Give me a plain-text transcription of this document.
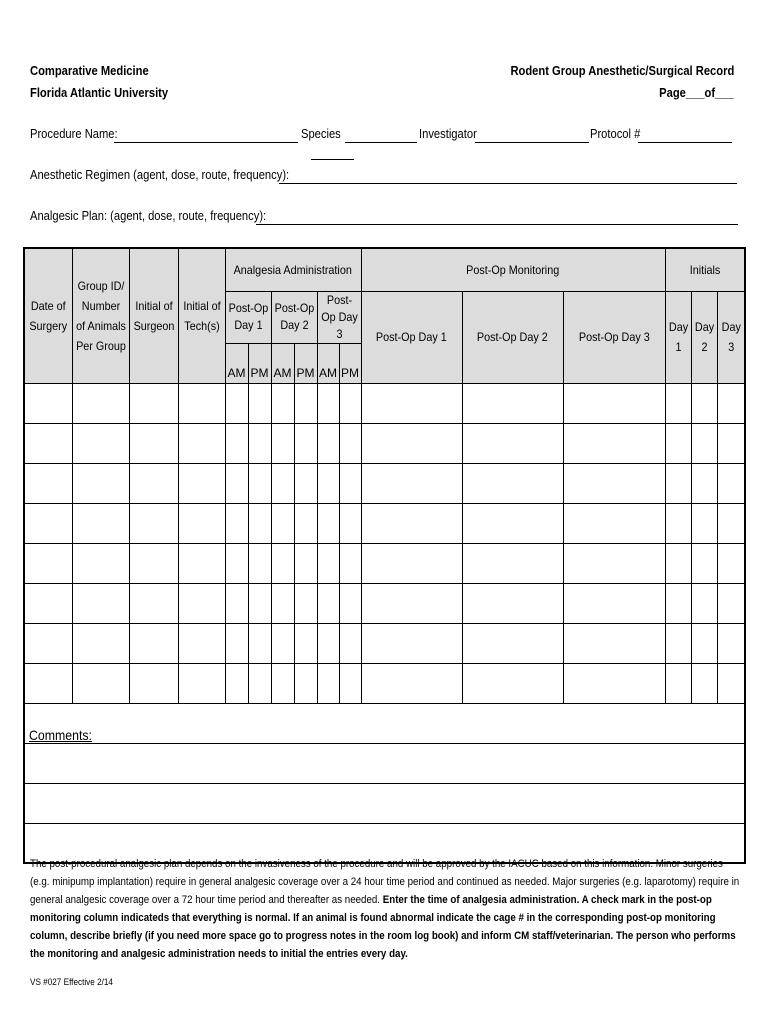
Comparative Medicine
Florida Atlantic University
Rodent Group Anesthetic/Surgical Record
Page___of___
Procedure Name:	Species	Investigator	Protocol #
Anesthetic Regimen (agent, dose, route, frequency):
Analgesic Plan: (agent, dose, route, frequency):
Date of Surgery	Group ID/ Number of Animals Per Group	Initial of Surgeon	Initial of Tech(s)	Analgesia Administration						Post-Op Monitoring			Initials		
				Post-Op Day 1		Post-Op Day 2		Post-Op Day 3		Post-Op Day 1	Post-Op Day 2	Post-Op Day 3	Day 1	Day 2	Day 3
				AM	PM	AM	PM	AM	PM						

Comments:															

The post-procedural analgesic plan depends on the invasiveness of the procedure and will be approved by the IACUC based on this information. Minor surgeries (e.g. minipump implantation) require in general analgesic coverage over a 24 hour time period and continued as needed. Major surgeries (e.g. laparotomy) require in general analgesic coverage over a 72 hour time period and thereafter as needed. Enter the time of analgesia administration. A check mark in the post-op monitoring column indicateds that everything is normal. If an animal is found abnormal indicate the cage # in the corresponding post-op monitoring column, describe briefly (if you need more space go to progress notes in the room log book) and inform CM staff/veterinarian. The person who performs the monitoring and analgesic administration needs to initial the entries every day.
VS #027 Effective 2/14
